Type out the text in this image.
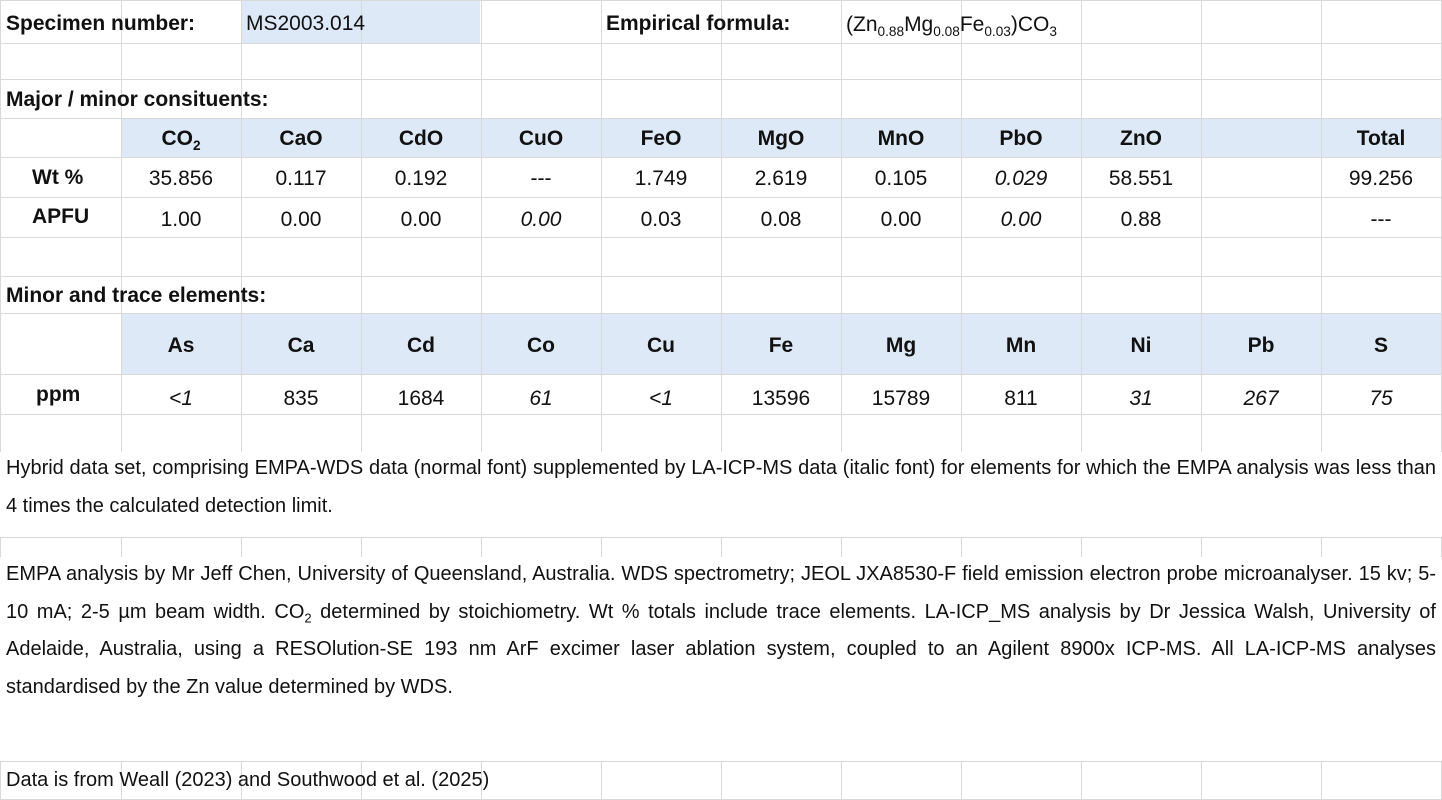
Specimen number: MS2003.014	Empirical formula:	$(Zn_{0.88}Mg_{0.08}Fe_{0.03})CO_3$
Major / minor consituents:
$CO_2$	CaO	CdO	CuO	FeO	MgO	MnO	PbO	ZnO	Total
Wt %	35.856	0.117	0.192	---	1.749	2.619	0.105	0.029	58.551	99.256
APFU	1.00	0.00	0.00	0.00	0.03	0.08	0.00	0.00	0.88	---
Minor and trace elements:
As	Ca	Cd	Co	Cu	Fe	Mg	Mn	Ni	Pb	S
ppm	<1	835	1684	61	<1	13596	15789	811	31	267	75
Hybrid data set, comprising EMPA-WDS data (normal font) supplemented by LA-ICP-MS data (italic font) for elements for which the EMPA analysis was less than 4 times the calculated detection limit.
EMPA analysis by Mr Jeff Chen, University of Queensland, Australia. WDS spectrometry; JEOL JXA8530-F field emission electron probe microanalyser. 15 kv; 5-10 mA; 2-5 µm beam width. $CO_2$ determined by stoichiometry. Wt % totals include trace elements. LA-ICP_MS analysis by Dr Jessica Walsh, University of Adelaide, Australia, using a RESOlution-SE 193 nm ArF excimer laser ablation system, coupled to an Agilent 8900x ICP-MS. All LA-ICP-MS analyses standardised by the Zn value determined by WDS.
Data is from Weall (2023) and Southwood et al. (2025)
